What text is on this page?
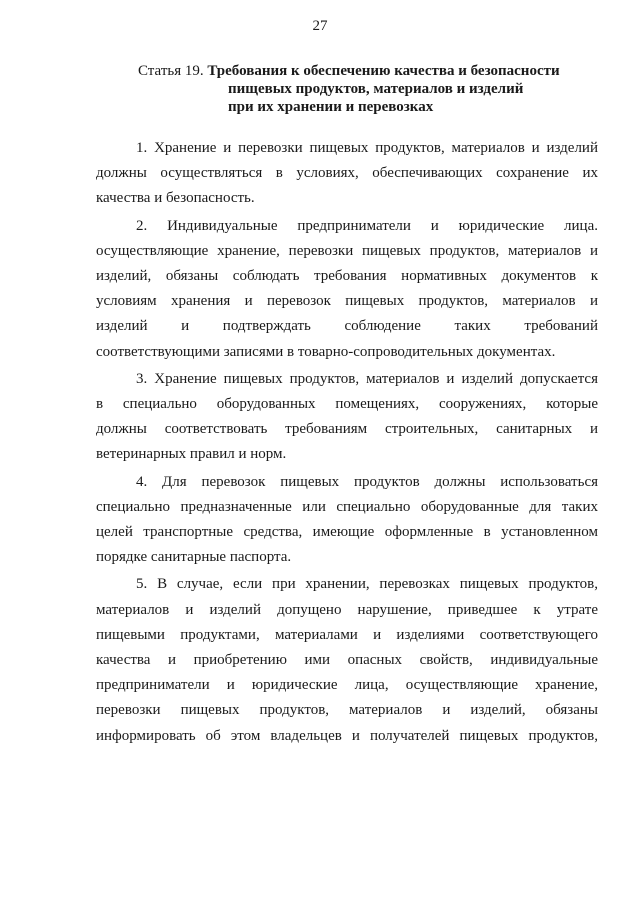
27
Статья 19. Требования к обеспечению качества и безопасности
пищевых продуктов, материалов и изделий
при их хранении и перевозках
1. Хранение и перевозки пищевых продуктов, материалов и изделий
должны осуществляться в условиях, обеспечивающих сохранение их
качества и безопасность.
2. Индивидуальные предприниматели и юридические лица.
осуществляющие хранение, перевозки пищевых продуктов, материалов и
изделий, обязаны соблюдать требования нормативных документов к
условиям хранения и перевозок пищевых продуктов, материалов и
изделий и подтверждать соблюдение таких требований
соответствующими записями в товарно-сопроводительных документах.
3. Хранение пищевых продуктов, материалов и изделий допускается
в специально оборудованных помещениях, сооружениях, которые
должны соответствовать требованиям строительных, санитарных и
ветеринарных правил и норм.
4. Для перевозок пищевых продуктов должны использоваться
специально предназначенные или специально оборудованные для таких
целей транспортные средства, имеющие оформленные в установленном
порядке санитарные паспорта.
5. В случае, если при хранении, перевозках пищевых продуктов,
материалов и изделий допущено нарушение, приведшее к утрате
пищевыми продуктами, материалами и изделиями соответствующего
качества и приобретению ими опасных свойств, индивидуальные
предприниматели и юридические лица, осуществляющие хранение,
перевозки пищевых продуктов, материалов и изделий, обязаны
информировать об этом владельцев и получателей пищевых продуктов,
